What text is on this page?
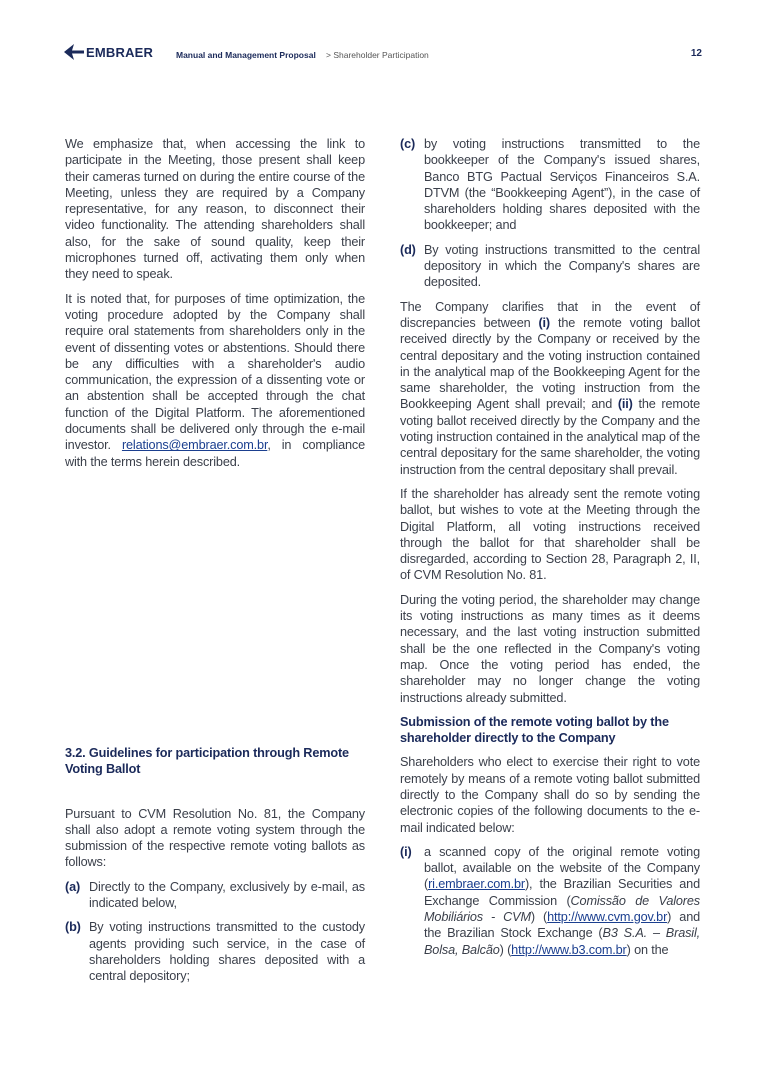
EMBRAER	Manual and Management Proposal > Shareholder Participation	12

We emphasize that, when accessing the link to participate in the Meeting, those present shall keep their cameras turned on during the entire course of the Meeting, unless they are required by a Company representative, for any reason, to disconnect their video functionality. The attending shareholders shall also, for the sake of sound quality, keep their microphones turned off, activating them only when they need to speak.

It is noted that, for purposes of time optimization, the voting procedure adopted by the Company shall require oral statements from shareholders only in the event of dissenting votes or abstentions. Should there be any difficulties with a shareholder's audio communication, the expression of a dissenting vote or an abstention shall be accepted through the chat function of the Digital Platform. The aforementioned documents shall be delivered only through the e-mail investor. relations@embraer.com.br, in compliance with the terms herein described.

3.2. Guidelines for participation through Remote Voting Ballot

Pursuant to CVM Resolution No. 81, the Company shall also adopt a remote voting system through the submission of the respective remote voting ballots as follows:

(a) Directly to the Company, exclusively by e-mail, as indicated below,
(b) By voting instructions transmitted to the custody agents providing such service, in the case of shareholders holding shares deposited with a central depository;
(c) by voting instructions transmitted to the bookkeeper of the Company's issued shares, Banco BTG Pactual Serviços Financeiros S.A. DTVM (the “Bookkeeping Agent”), in the case of shareholders holding shares deposited with the bookkeeper; and
(d) By voting instructions transmitted to the central depository in which the Company's shares are deposited.

The Company clarifies that in the event of discrepancies between (i) the remote voting ballot received directly by the Company or received by the central depositary and the voting instruction contained in the analytical map of the Bookkeeping Agent for the same shareholder, the voting instruction from the Bookkeeping Agent shall prevail; and (ii) the remote voting ballot received directly by the Company and the voting instruction contained in the analytical map of the central depositary for the same shareholder, the voting instruction from the central depositary shall prevail.

If the shareholder has already sent the remote voting ballot, but wishes to vote at the Meeting through the Digital Platform, all voting instructions received through the ballot for that shareholder shall be disregarded, according to Section 28, Paragraph 2, II, of CVM Resolution No. 81.

During the voting period, the shareholder may change its voting instructions as many times as it deems necessary, and the last voting instruction submitted shall be the one reflected in the Company's voting map. Once the voting period has ended, the shareholder may no longer change the voting instructions already submitted.

Submission of the remote voting ballot by the shareholder directly to the Company

Shareholders who elect to exercise their right to vote remotely by means of a remote voting ballot submitted directly to the Company shall do so by sending the electronic copies of the following documents to the e-mail indicated below:

(i) a scanned copy of the original remote voting ballot, available on the website of the Company (ri.embraer.com.br), the Brazilian Securities and Exchange Commission (Comissão de Valores Mobiliários - CVM) (http://www.cvm.gov.br) and the Brazilian Stock Exchange (B3 S.A. – Brasil, Bolsa, Balcão) (http://www.b3.com.br) on the
